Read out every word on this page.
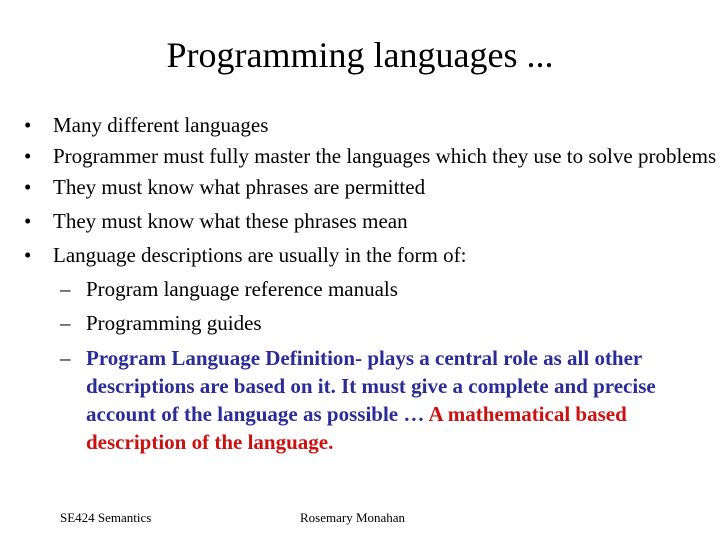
Programming languages ...
• Many different languages
• Programmer must fully master the languages which they use to solve problems
• They must know what phrases are permitted
• They must know what these phrases mean
• Language descriptions are usually in the form of:
– Program language reference manuals
– Programming guides
– Program Language Definition- plays a central role as all other descriptions are based on it. It must give a complete and precise account of the language as possible … A mathematical based description of the language.
SE424 Semantics	Rosemary Monahan
